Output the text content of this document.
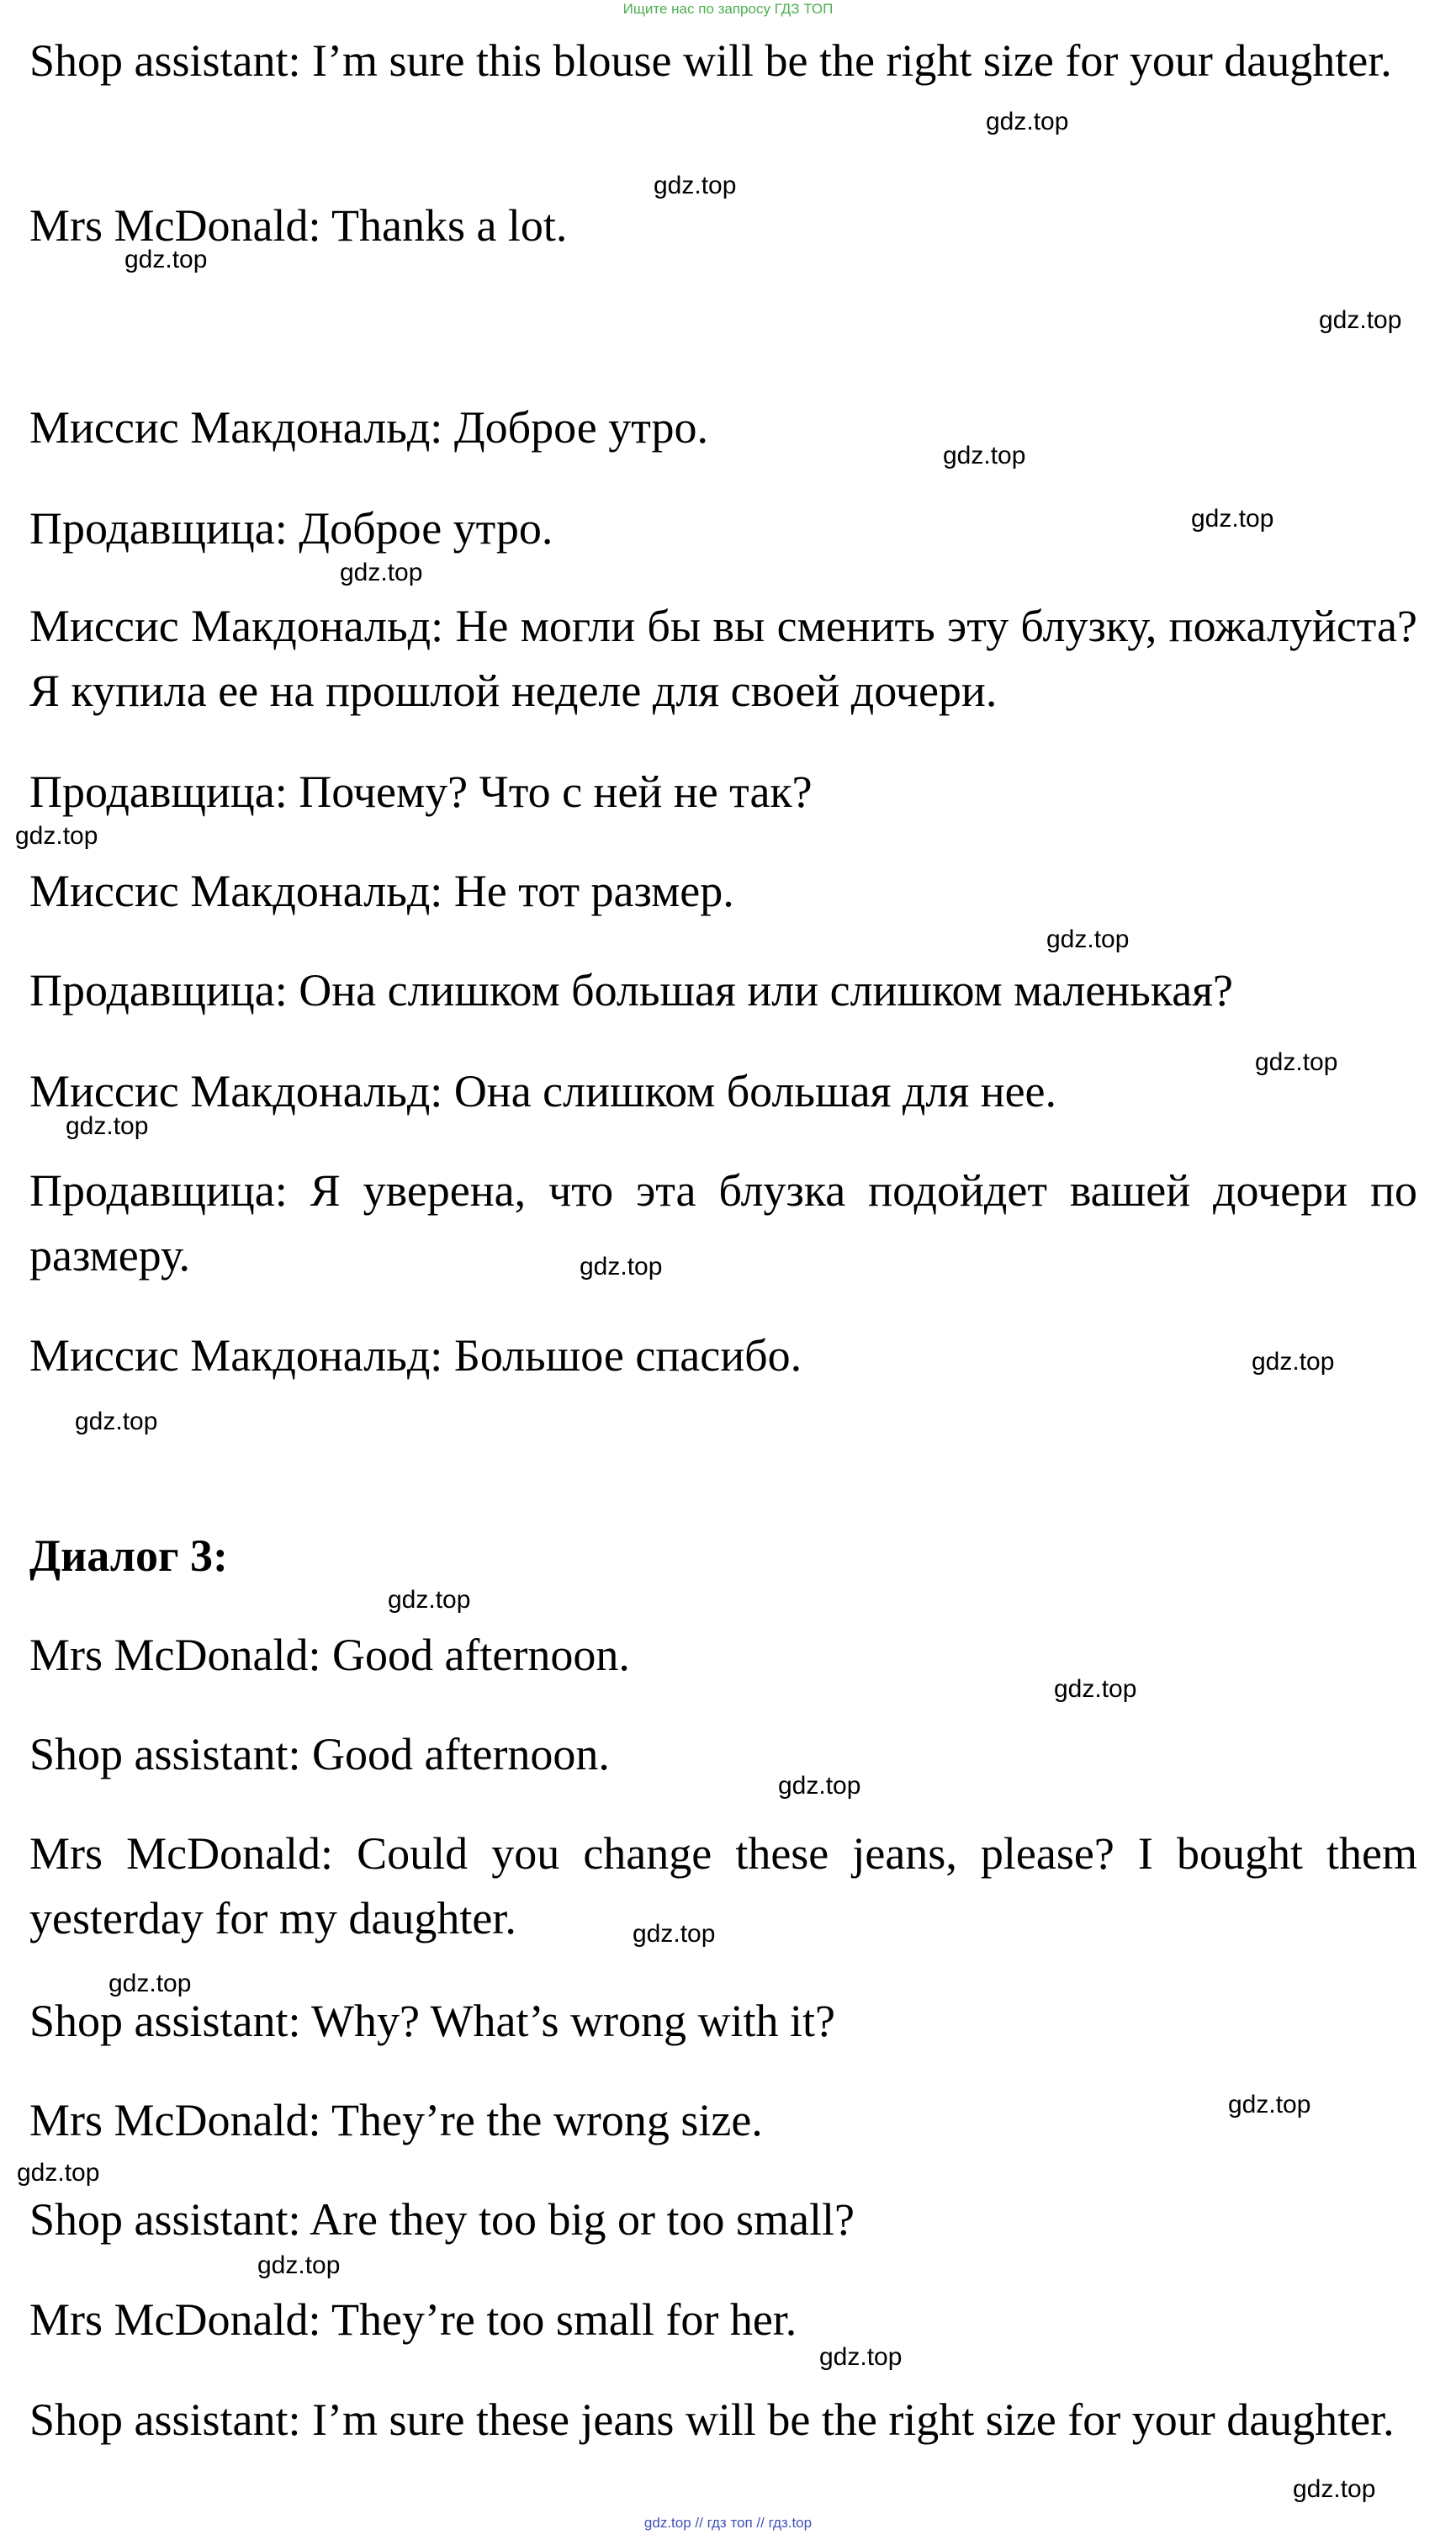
Ищите нас по запросу ГДЗ ТОП
Shop assistant: I’m sure this blouse will be the right size for your daughter.
Mrs McDonald: Thanks a lot.
Миссис Макдональд: Доброе утро.
Продавщица: Доброе утро.
Миссис Макдональд: Не могли бы вы сменить эту блузку, пожалуйста? Я купила ее на прошлой неделе для своей дочери.
Продавщица: Почему? Что с ней не так?
Миссис Макдональд: Не тот размер.
Продавщица: Она слишком большая или слишком маленькая?
Миссис Макдональд: Она слишком большая для нее.
Продавщица: Я уверена, что эта блузка подойдет вашей дочери по размеру.
Миссис Макдональд: Большое спасибо.
Диалог 3:
Mrs McDonald: Good afternoon.
Shop assistant: Good afternoon.
Mrs McDonald: Could you change these jeans, please? I bought them yesterday for my daughter.
Shop assistant: Why? What’s wrong with it?
Mrs McDonald: They’re the wrong size.
Shop assistant: Are they too big or too small?
Mrs McDonald: They’re too small for her.
Shop assistant: I’m sure these jeans will be the right size for your daughter.
gdz.top
gdz.top
gdz.top
gdz.top
gdz.top
gdz.top
gdz.top
gdz.top
gdz.top
gdz.top
gdz.top
gdz.top
gdz.top
gdz.top
gdz.top
gdz.top
gdz.top
gdz.top
gdz.top
gdz.top
gdz.top
gdz.top
gdz.top
gdz.top
gdz.top // гдз топ // гдз.top
